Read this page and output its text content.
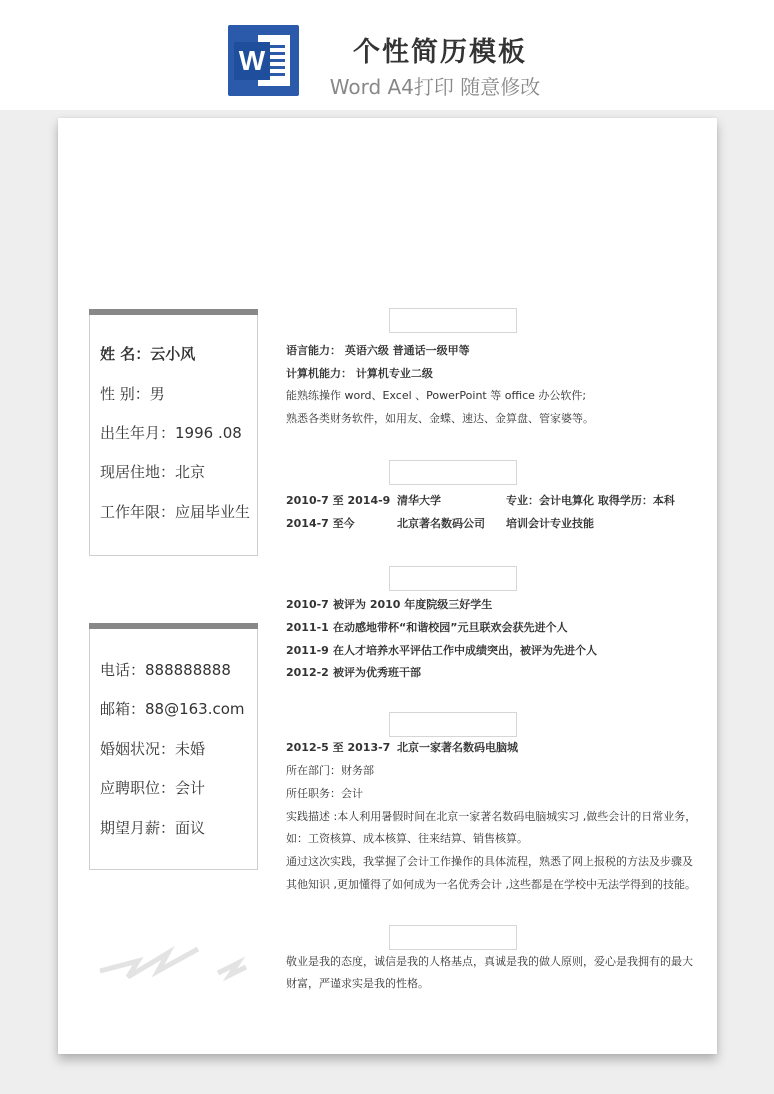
W	个性简历模板
Word A4打印 随意修改
姓 名：云小风
性 别：男
出生年月：1996 .08
现居住地：北京
工作年限：应届毕业生
电话：888888888
邮箱：88@163.com
婚姻状况：未婚
应聘职位：会计
期望月薪：面议
语言能力： 英语六级 普通话一级甲等
计算机能力： 计算机专业二级
能熟练操作 word、Excel 、PowerPoint 等 office 办公软件;
熟悉各类财务软件，如用友、金蝶、速达、金算盘、管家婆等。
2010-7 至 2014-9 清华大学	专业：会计电算化 取得学历：本科
2014-7 至今	北京著名数码公司 培训会计专业技能
2010-7 被评为 2010 年度院级三好学生
2011-1 在动感地带杯“和谐校园”元旦联欢会获先进个人
2011-9 在人才培养水平评估工作中成绩突出，被评为先进个人
2012-2 被评为优秀班干部
2012-5 至 2013-7 北京一家著名数码电脑城
所在部门：财务部
所任职务：会计
实践描述 :本人利用暑假时间在北京一家著名数码电脑城实习 ,做些会计的日常业务，
如：工资核算、成本核算、往来结算、销售核算。
通过这次实践，我掌握了会计工作操作的具体流程，熟悉了网上报税的方法及步骤及
其他知识 ,更加懂得了如何成为一名优秀会计 ,这些都是在学校中无法学得到的技能。
敬业是我的态度，诚信是我的人格基点，真诚是我的做人原则，爱心是我拥有的最大
财富，严谨求实是我的性格。
